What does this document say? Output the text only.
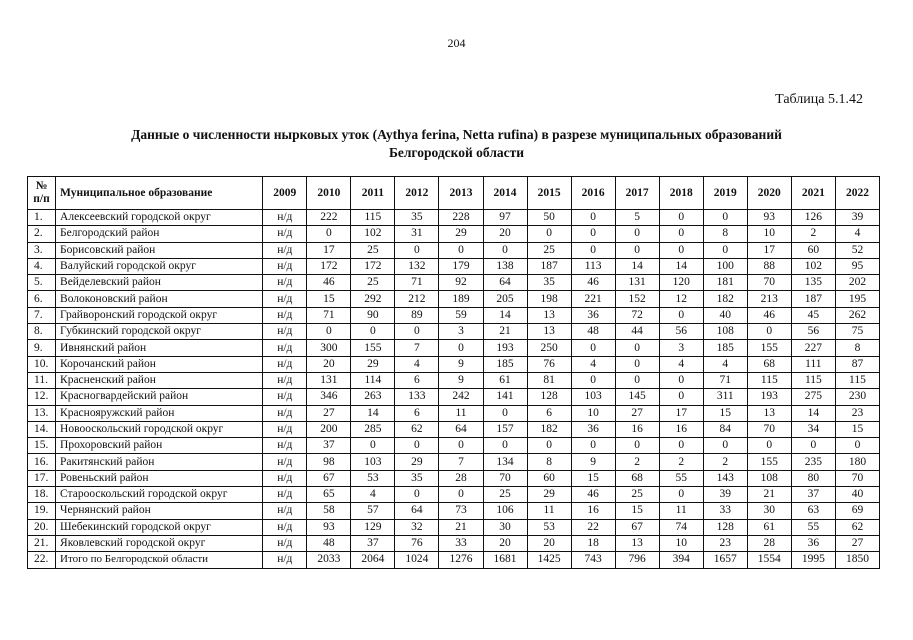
204
Таблица 5.1.42
Данные о численности нырковых уток (Aythya ferina, Netta rufina) в разрезе муниципальных образований
Белгородской области
№ п/п	Муниципальное образование	2009	2010	2011	2012	2013	2014	2015	2016	2017	2018	2019	2020	2021	2022
1.	Алексеевский городской округ	н/д	222	115	35	228	97	50	0	5	0	0	93	126	39
2.	Белгородский район	н/д	0	102	31	29	20	0	0	0	0	8	10	2	4
3.	Борисовский район	н/д	17	25	0	0	0	25	0	0	0	0	17	60	52
4.	Валуйский городской округ	н/д	172	172	132	179	138	187	113	14	14	100	88	102	95
5.	Вейделевский район	н/д	46	25	71	92	64	35	46	131	120	181	70	135	202
6.	Волоконовский район	н/д	15	292	212	189	205	198	221	152	12	182	213	187	195
7.	Грайворонский городской округ	н/д	71	90	89	59	14	13	36	72	0	40	46	45	262
8.	Губкинский городской округ	н/д	0	0	0	3	21	13	48	44	56	108	0	56	75
9.	Ивнянский район	н/д	300	155	7	0	193	250	0	0	3	185	155	227	8
10.	Корочанский район	н/д	20	29	4	9	185	76	4	0	4	4	68	111	87
11.	Красненский район	н/д	131	114	6	9	61	81	0	0	0	71	115	115	115
12.	Красногвардейский район	н/д	346	263	133	242	141	128	103	145	0	311	193	275	230
13.	Краснояружский район	н/д	27	14	6	11	0	6	10	27	17	15	13	14	23
14.	Новооскольский городской округ	н/д	200	285	62	64	157	182	36	16	16	84	70	34	15
15.	Прохоровский район	н/д	37	0	0	0	0	0	0	0	0	0	0	0	0
16.	Ракитянский район	н/д	98	103	29	7	134	8	9	2	2	2	155	235	180
17.	Ровеньский район	н/д	67	53	35	28	70	60	15	68	55	143	108	80	70
18.	Старооскольский городской округ	н/д	65	4	0	0	25	29	46	25	0	39	21	37	40
19.	Чернянский район	н/д	58	57	64	73	106	11	16	15	11	33	30	63	69
20.	Шебекинский городской округ	н/д	93	129	32	21	30	53	22	67	74	128	61	55	62
21.	Яковлевский городской округ	н/д	48	37	76	33	20	20	18	13	10	23	28	36	27
22.	Итого по Белгородской области	н/д	2033	2064	1024	1276	1681	1425	743	796	394	1657	1554	1995	1850
